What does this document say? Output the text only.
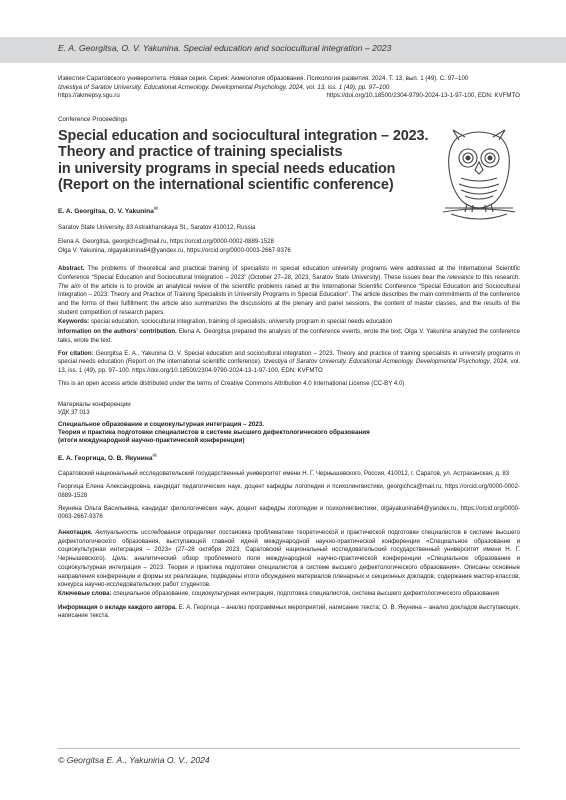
E. A. Georgitsa, O. V. Yakunina. Special education and sociocultural integration – 2023
Известия Саратовского университета. Новая серия. Серия: Акмеология образования. Психология развития. 2024. Т. 13, вып. 1 (49). С. 97–100
Izvestiya of Saratov University. Educational Acmeology. Developmental Psychology, 2024, vol. 13, iss. 1 (49), pp. 97–100
https://akmepsy.sgu.ru	https://doi.org/10.18500/2304-9790-2024-13-1-97-100, EDN: KVFMTO
Conference Proceedings
Special education and sociocultural integration – 2023.
Theory and practice of training specialists
in university programs in special needs education
(Report on the international scientific conference)
E. A. Georgitsa, O. V. Yakunina✉
Saratov State University, 83 Astrakhanskaya St., Saratov 410012, Russia
Elena A. Georgitsa, georgichca@mail.ru, https://orcid.org/0000-0002-0889-1528
Olga V. Yakunina, olgayakunina64@yandex.ru, https://orcid.org/0000-0003-2667-9376
Abstract. The problems of theoretical and practical training of specialists in special education university programs were addressed at the International Scientific Conference “Special Education and Sociocultural Integration – 2023” (October 27–28, 2023, Saratov State University). These issues bear the relevance to this research. The aim of the article is to provide an analytical review of the scientific problems raised at the International Scientific Conference “Special Education and Sociocultural Integration – 2023: Theory and Practice of Training Specialists in University Programs in Special Education”. The article describes the main commitments of the conference and the forms of their fulfillment; the article also summarizes the discussions at the plenary and panel sessions, the content of master classes, and the results of the student competition of research papers.
Keywords: special education, sociocultural integration, training of specialists, university program in special needs education
Information on the authors’ contribution. Elena A. Georgitsa prepared the analysis of the conference events, wrote the text; Olga V. Yakunina analyzed the conference talks, wrote the text.
For citation: Georgitsa E. A., Yakunina O. V. Special education and sociocultural integration – 2023. Theory and practice of training specialists in university programs in special needs education (Report on the international scientific conference). Izvestiya of Saratov University. Educational Acmeology. Developmental Psychology, 2024, vol. 13, iss. 1 (49), pp. 97–100. https://doi.org/10.18500/2304-9790-2024-13-1-97-100, EDN: KVFMTO
This is an open access article distributed under the terms of Creative Commons Attribution 4.0 International License (CC-BY 4.0)
Материалы конференции
УДК 37.013
Специальное образование и социокультурная интеграция – 2023.
Теория и практика подготовки специалистов в системе высшего дефектологического образования
(итоги международной научно-практической конференции)
Е. А. Георгица, О. В. Якунина✉
Саратовский национальный исследовательский государственный университет имени Н. Г. Чернышевского, Россия, 410012, г. Саратов, ул. Астраханская, д. 83
Георгица Елена Александровна, кандидат педагогических наук, доцент кафедры логопедии и психолингвистики, georgichca@mail.ru, https://orcid.org/0000-0002-0889-1528
Якунина Ольга Васильевна, кандидат филологических наук, доцент кафедры логопедии и психолингвистики, olgayakunina64@yandex.ru, https://orcid.org/0000-0003-2667-9376
Аннотация. Актуальность исследования определяет постановка проблематики теоретической и практической подготовки специалистов в системе высшего дефектологического образования, выступающей главной идеей международной научно-практической конференции «Специальное образование и социокультурная интеграция – 2023» (27–28 октября 2023, Саратовский национальный исследовательский государственный университет имени Н. Г. Чернышевского). Цель: аналитический обзор проблемного поля международной научно-практической конференции «Специальное образование и социокультурная интеграция – 2023. Теория и практика подготовки специалистов в системе высшего дефектологического образования». Описаны основные направления конференции и формы их реализации, подведены итоги обсуждения материалов пленарных и секционных докладов, содержания мастер-классов, конкурса научно-исследовательских работ студентов.
Ключевые слова: специальное образование, социокультурная интеграция, подготовка специалистов, система высшего дефектологического образования
Информация о вкладе каждого автора. Е. А. Георгица – анализ программных мероприятий, написание текста; О. В. Якунина – анализ докладов выступающих, написание текста.
© Georgitsa E. A., Yakunina O. V., 2024
